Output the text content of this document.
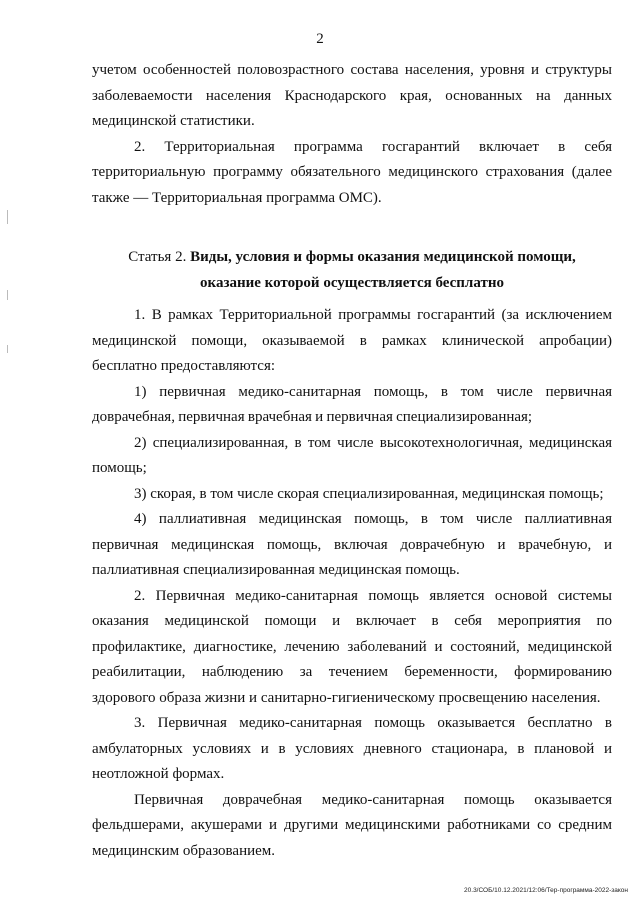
2

учетом особенностей половозрастного состава населения, уровня и структуры заболеваемости населения Краснодарского края, основанных на данных медицинской статистики.

2. Территориальная программа госгарантий включает в себя территориальную программу обязательного медицинского страхования (далее также — Территориальная программа ОМС).

Статья 2. Виды, условия и формы оказания медицинской помощи,
оказание которой осуществляется бесплатно

1. В рамках Территориальной программы госгарантий (за исключением медицинской помощи, оказываемой в рамках клинической апробации) бесплатно предоставляются:

1) первичная медико-санитарная помощь, в том числе первичная доврачебная, первичная врачебная и первичная специализированная;

2) специализированная, в том числе высокотехнологичная, медицинская помощь;

3) скорая, в том числе скорая специализированная, медицинская помощь;

4) паллиативная медицинская помощь, в том числе паллиативная первичная медицинская помощь, включая доврачебную и врачебную, и паллиативная специализированная медицинская помощь.

2. Первичная медико-санитарная помощь является основой системы оказания медицинской помощи и включает в себя мероприятия по профилактике, диагностике, лечению заболеваний и состояний, медицинской реабилитации, наблюдению за течением беременности, формированию здорового образа жизни и санитарно-гигиеническому просвещению населения.

3. Первичная медико-санитарная помощь оказывается бесплатно в амбулаторных условиях и в условиях дневного стационара, в плановой и неотложной формах.

Первичная доврачебная медико-санитарная помощь оказывается фельдшерами, акушерами и другими медицинскими работниками со средним медицинским образованием.

20.3/СОБ/10.12.2021/12:06/Тер-программа-2022-закон
